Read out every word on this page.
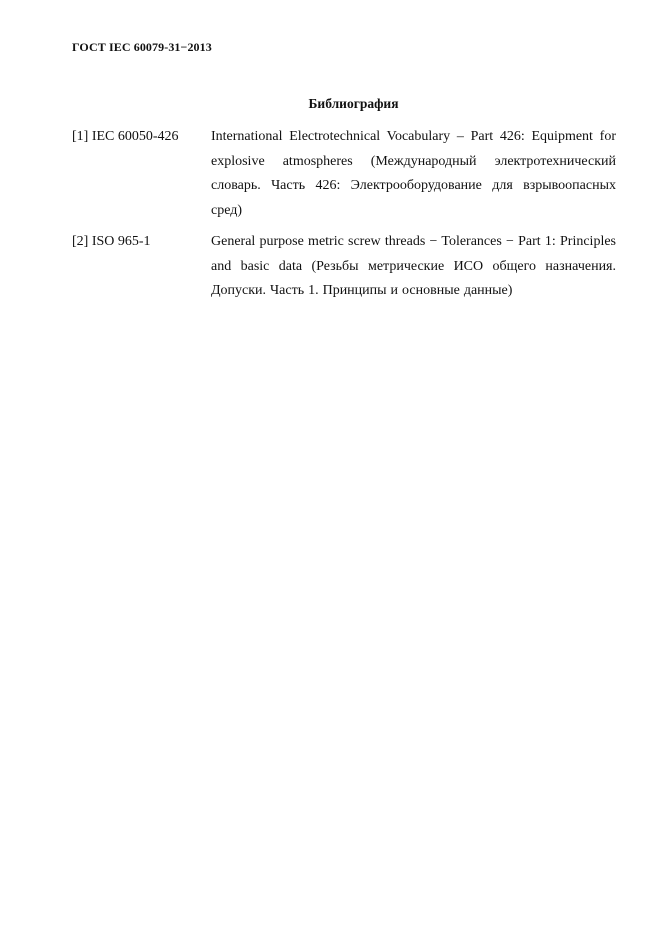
ГОСТ IEC 60079-31−2013
Библиография
[1] IEC 60050-426	International Electrotechnical Vocabulary – Part 426: Equipment for explosive atmospheres (Международный электротехнический словарь. Часть 426: Электрооборудование для взрывоопасных сред)
[2] ISO 965-1	General purpose metric screw threads − Tolerances − Part 1: Principles and basic data (Резьбы метрические ИСО общего назначения. Допуски. Часть 1. Принципы и основные данные)
